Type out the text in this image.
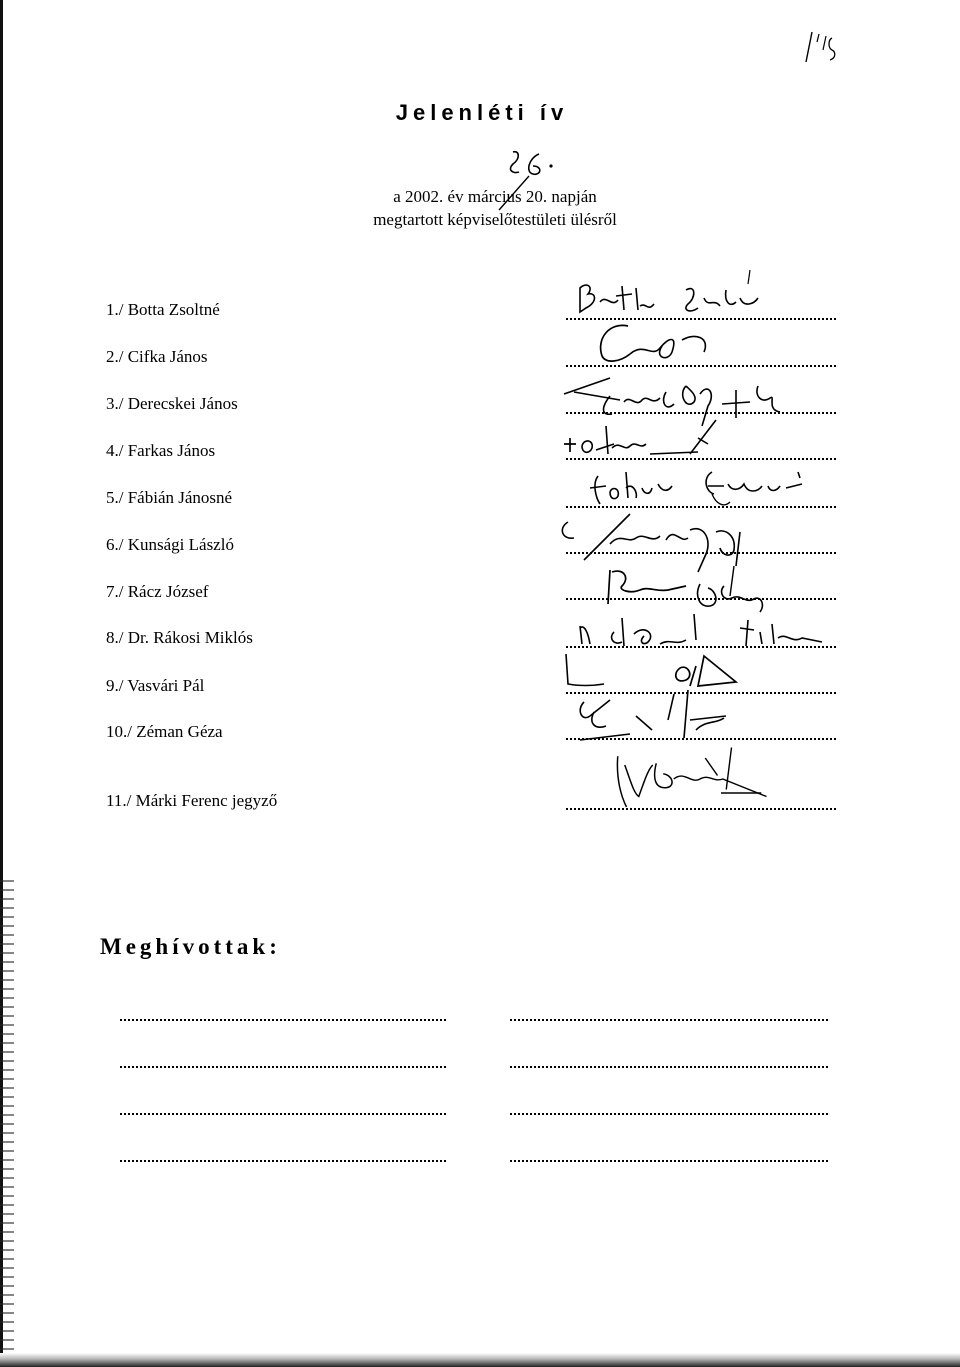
Jelenléti ív
a 2002. év március 20. napján
megtartott képviselőtestületi ülésről
1./ Botta Zsoltné
2./ Cifka János
3./ Derecskei János
4./ Farkas János
5./ Fábián Jánosné
6./ Kunsági László
7./ Rácz József
8./ Dr. Rákosi Miklós
9./ Vasvári Pál
10./ Zéman Géza
11./ Márki Ferenc jegyző
Meghívottak:
